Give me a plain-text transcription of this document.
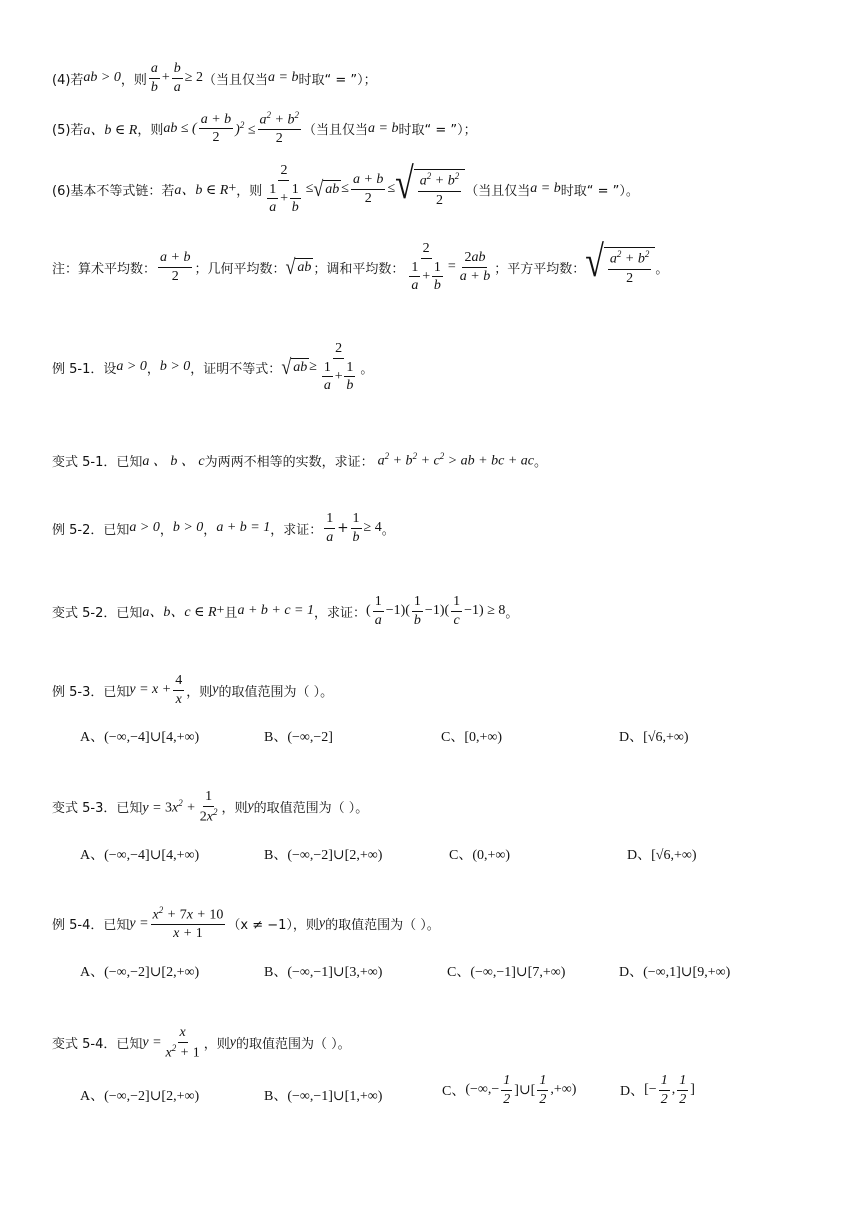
(4)若 ab > 0 ，则 $\frac{a}{b} + \frac{b}{a} \ge 2$ （当且仅当 a = b 时取“ = ”）；
(5)若 a、b ∈ R ，则 ab ≤ ( $\frac{a + b}{2} )^2 \le \frac{a^2 + b^2}{2}$ （当且仅当 a = b 时取“ = ”）；
(6)基本不等式链：若 a、b ∈ R + ，则 $\frac{2}{\frac{1}{a} + \frac{1}{b}}$ ≤ √ ab ≤ $\frac{a + b}{2}$ ≤ √ $\frac{a^2 + b^2}{2}$ （当且仅当 a = b 时取“ = ”）。
注：算术平均数： $\frac{a + b}{2}$ ；几何平均数： √ ab ；调和平均数： $\frac{2}{\frac{1}{a} + \frac{1}{b}} = \frac{2ab}{a + b}$ ；平方平均数： √ $\frac{a^2 + b^2}{2}$ 。
例 5-1．设 a > 0 ， b > 0 ，证明不等式： √ ab ≥ $\frac{2}{\frac{1}{a} + \frac{1}{b}}$ 。
变式 5-1．已知 a 、 b 、 c 为两两不相等的实数，求证： $a^2 + b^2 + c^2$ > ab + bc + ac 。
例 5-2．已知 a > 0 ， b > 0 ， a + b = 1 ，求证： $\frac{1}{a} + \frac{1}{b} \ge 4$ 。
变式 5-2．已知 a、b、c ∈ R + 且 a + b + c = 1 ，求证： ( $\frac{1}{a} -1)( \frac{1}{b} -1)( \frac{1}{c} -1) \ge 8$ 。
例 5-3．已知 $y = x + \frac{4}{x}$ ，则 y 的取值范围为（ ）。
A、(−∞,−4]∪[4,+∞)	B、(−∞,−2]	C、[0,+∞)	D、[√6,+∞)
变式 5-3．已知 $y = 3x^2 + \frac{1}{2x^2}$ ，则 y 的取值范围为（ ）。
A、(−∞,−4]∪[4,+∞)	B、(−∞,−2]∪[2,+∞)	C、(0,+∞)	D、[√6,+∞)
例 5-4．已知 $y = \frac{x^2 + 7x + 10}{x + 1} (x \ne -1)$，则 y 的取值范围为（ ）。
A、(−∞,−2]∪[2,+∞)	B、(−∞,−1]∪[3,+∞)	C、(−∞,−1]∪[7,+∞)	D、(−∞,1]∪[9,+∞)
变式 5-4．已知 $y = \frac{x}{x^2 + 1}$ ，则 y 的取值范围为（ ）。
A、(−∞,−2]∪[2,+∞)	B、(−∞,−1]∪[1,+∞)	C、 (−∞,− $\frac{1}{2}$ ]∪[ $\frac{1}{2}$ ,+∞)	D、 [− $\frac{1}{2}$ , $\frac{1}{2}$ ]
